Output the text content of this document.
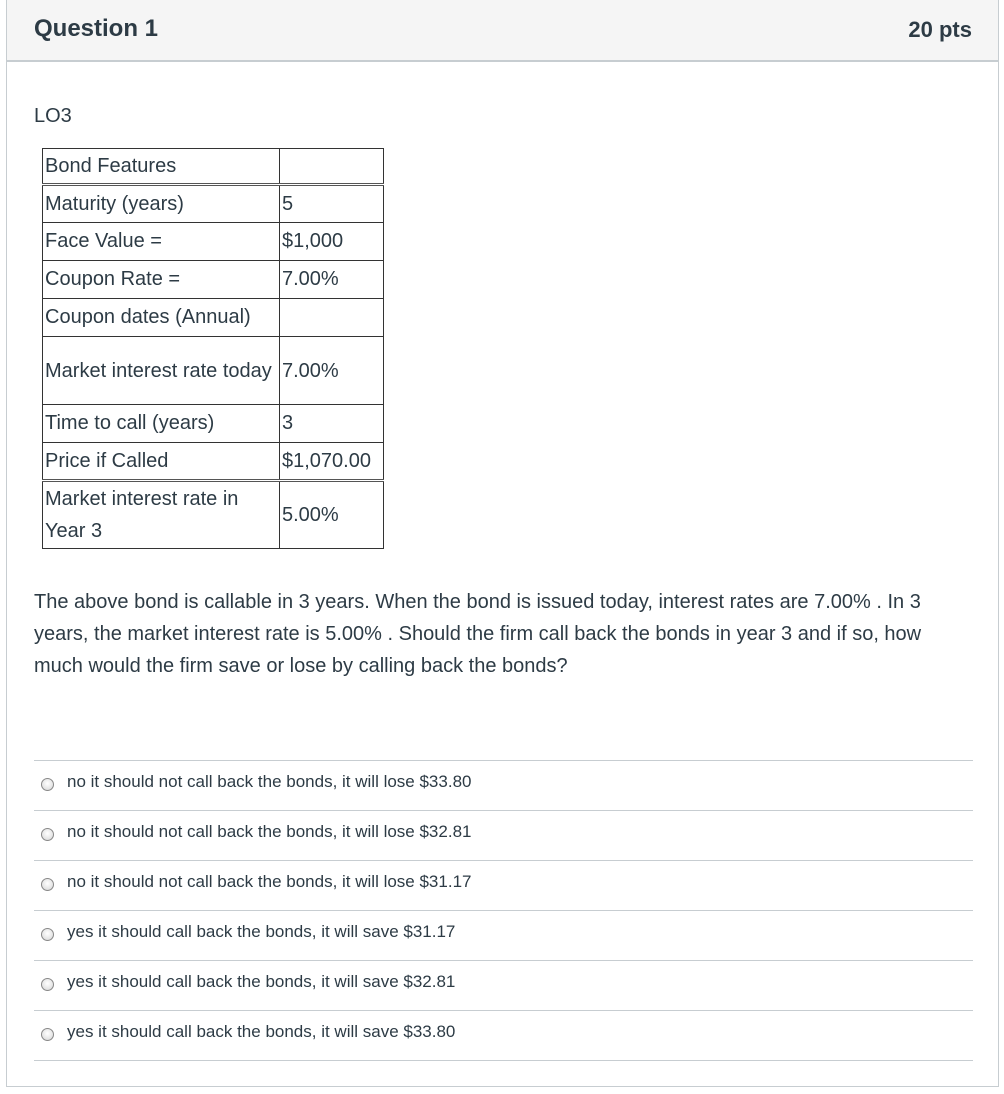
Question 1	20 pts
LO3
Bond Features	
Maturity (years)	5
Face Value =	$1,000
Coupon Rate =	7.00%
Coupon dates (Annual)	
Market interest rate today	7.00%
Time to call (years)	3
Price if Called	$1,070.00
Market interest rate in Year 3	5.00%
The above bond is callable in 3 years. When the bond is issued today, interest rates are 7.00% . In 3 years, the market interest rate is 5.00% . Should the firm call back the bonds in year 3 and if so, how much would the firm save or lose by calling back the bonds?
no it should not call back the bonds, it will lose $33.80
no it should not call back the bonds, it will lose $32.81
no it should not call back the bonds, it will lose $31.17
yes it should call back the bonds, it will save $31.17
yes it should call back the bonds, it will save $32.81
yes it should call back the bonds, it will save $33.80
